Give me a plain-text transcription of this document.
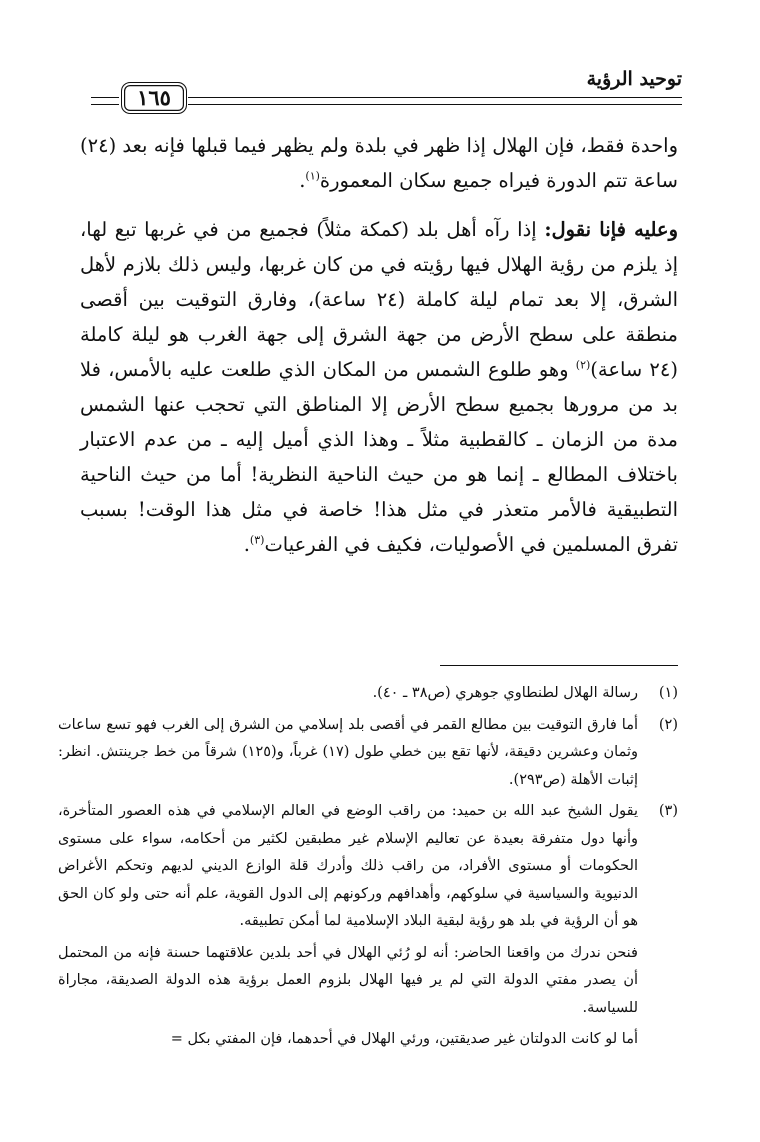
توحيد الرؤية
١٦٥

واحدة فقط، فإن الهلال إذا ظهر في بلدة ولم يظهر فيما قبلها فإنه بعد (٢٤) ساعة تتم الدورة فيراه جميع سكان المعمورة$^{(١)}$.

وعليه فإنا نقول: إذا رآه أهل بلد (كمكة مثلاً) فجميع من في غربها تبع لها، إذ يلزم من رؤية الهلال فيها رؤيته في من كان غربها، وليس ذلك بلازم لأهل الشرق، إلا بعد تمام ليلة كاملة (٢٤ ساعة)، وفارق التوقيت بين أقصى منطقة على سطح الأرض من جهة الشرق إلى جهة الغرب هو ليلة كاملة (٢٤ ساعة)$^{(٢)}$ وهو طلوع الشمس من المكان الذي طلعت عليه بالأمس، فلا بد من مرورها بجميع سطح الأرض إلا المناطق التي تحجب عنها الشمس مدة من الزمان ـ كالقطبية مثلاً ـ وهذا الذي أميل إليه ـ من عدم الاعتبار باختلاف المطالع ـ إنما هو من حيث الناحية النظرية! أما من حيث الناحية التطبيقية فالأمر متعذر في مثل هذا! خاصة في مثل هذا الوقت! بسبب تفرق المسلمين في الأصوليات، فكيف في الفرعيات$^{(٣)}$.

(١)
رسالة الهلال لطنطاوي جوهري (ص٣٨ ـ ٤٠).
(٢)
أما فارق التوقيت بين مطالع القمر في أقصى بلد إسلامي من الشرق إلى الغرب فهو تسع ساعات وثمان وعشرين دقيقة، لأنها تقع بين خطي طول (١٧) غرباً، و(١٢٥) شرقاً من خط جرينتش. انظر: إثبات الأهلة (ص٢٩٣).
(٣)
يقول الشيخ عبد الله بن حميد: من راقب الوضع في العالم الإسلامي في هذه العصور المتأخرة، وأنها دول متفرقة بعيدة عن تعاليم الإسلام غير مطبقين لكثير من أحكامه، سواء على مستوى الحكومات أو مستوى الأفراد، من راقب ذلك وأدرك قلة الوازع الديني لديهم وتحكم الأغراض الدنيوية والسياسية في سلوكهم، وأهدافهم وركونهم إلى الدول القوية، علم أنه حتى ولو كان الحق هو أن الرؤية في بلد هو رؤية لبقية البلاد الإسلامية لما أمكن تطبيقه.
فنحن ندرك من واقعنا الحاضر: أنه لو رُئي الهلال في أحد بلدين علاقتهما حسنة فإنه من المحتمل أن يصدر مفتي الدولة التي لم ير فيها الهلال بلزوم العمل برؤية هذه الدولة الصديقة، مجاراة للسياسة.
أما لو كانت الدولتان غير صديقتين، ورئي الهلال في أحدهما، فإن المفتي بكل =
